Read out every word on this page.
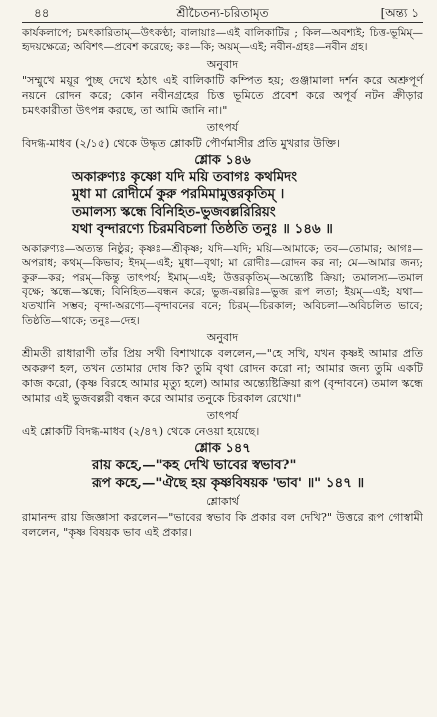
৪৪	শ্রীচৈতন্য-চরিতামৃত	[অন্ত্য ১

কার্যকলাপে; চমৎকারিতাম্—উৎকণ্ঠা; বালায়াঃ—এই বালিকাটির ; কিল—অবশ্যই; চিত্ত-ভূমিম্—হৃদয়ক্ষেত্রে; অবিশৎ—প্রবেশ করেছে; কঃ—কি; অয়ম্—এই; নবীন-গ্রহঃ—নবীন গ্রহ।

অনুবাদ

"সম্মুখে ময়ূর পুচ্ছ দেখে হঠাৎ এই বালিকাটি কম্পিত হয়; গুঞ্জামালা দর্শন করে অশ্রুপূর্ণ নয়নে রোদন করে; কোন নবীনগ্রহের চিত্ত ভূমিতে প্রবেশ করে অপূর্ব নটন ক্রীড়ার চমৎকারীতা উৎপন্ন করছে, তা আমি জানি না।"

তাৎপর্য

বিদগ্ধ-মাধব (২/১৫) থেকে উদ্ধৃত শ্লোকটি পৌর্ণমাসীর প্রতি মুখরার উক্তি।

শ্লোক ১৪৬

অকারুণ্যঃ কৃষ্ণো যদি ময়ি তবাগঃ কথমিদং

মুধা মা রোদীর্মে কুরু পরমিমামুত্তরকৃতিম্ ।

তমালস্য স্কন্ধে বিনিহিত-ভুজবল্লরিরিয়ং

যথা বৃন্দারণ্যে চিরমবিচলা তিষ্ঠতি তনুঃ ॥ ১৪৬ ॥

অকারুণ্যঃ—অত্যন্ত নিষ্ঠুর; কৃষ্ণঃ—শ্রীকৃষ্ণ; যদি—যদি; ময়ি—আমাকে; তব—তোমার; আগঃ—অপরাধ; কথম্—কিভাব; ইদম্—এই; মুধা—বৃথা; মা রোদীঃ—রোদন কর না; মে—আমার জন্য; কুরু—কর; পরম্—কিন্তু তাৎপর্য; ইমাম্—এই; উত্তরকৃতিম্—অন্ত্যেষ্টি ক্রিয়া; তমালস্য—তমাল বৃক্ষে; স্কন্ধে—স্কন্ধে; বিনিহিত—বন্ধন করে; ভুজ-বল্লরিঃ—ভুজ রূপ লতা; ইয়ম্—এই; যথা—যতখানি সম্ভব; বৃন্দা-অরণ্যে—বৃন্দাবনের বনে; চিরম্—চিরকাল; অবিচলা—অবিচলিত ভাবে; তিষ্ঠতি—থাকে; তনুঃ—দেহ।

অনুবাদ

শ্রীমতী রাধারাণী তাঁর প্রিয় সখী বিশাখাকে বললেন,—"হে সখি, যখন কৃষ্ণই আমার প্রতি অকরুণ হল, তখন তোমার দোষ কি? তুমি বৃথা রোদন করো না; আমার জন্য তুমি একটি কাজ করো, (কৃষ্ণ বিরহে আমার মৃত্যু হলে) আমার অন্ত্যেষ্টিক্রিয়া রূপ (বৃন্দাবনে) তমাল স্কন্ধে আমার এই ভুজবল্লরী বন্ধন করে আমার তনুকে চিরকাল রেখো।"

তাৎপর্য

এই শ্লোকটি বিদগ্ধ-মাধব (২/৪৭) থেকে নেওয়া হয়েছে।

শ্লোক ১৪৭

রায় কহে,—"কহ দেখি ভাবের স্বভাব?"

রূপ কহে,—"ঐছে হয় কৃষ্ণবিষয়ক 'ভাব' ॥" ১৪৭ ॥

শ্লোকার্থ

রামানন্দ রায় জিজ্ঞাসা করলেন—"ভাবের স্বভাব কি প্রকার বল দেখি?" উত্তরে রূপ গোস্বামী বললেন, "কৃষ্ণ বিষয়ক ভাব এই প্রকার।
